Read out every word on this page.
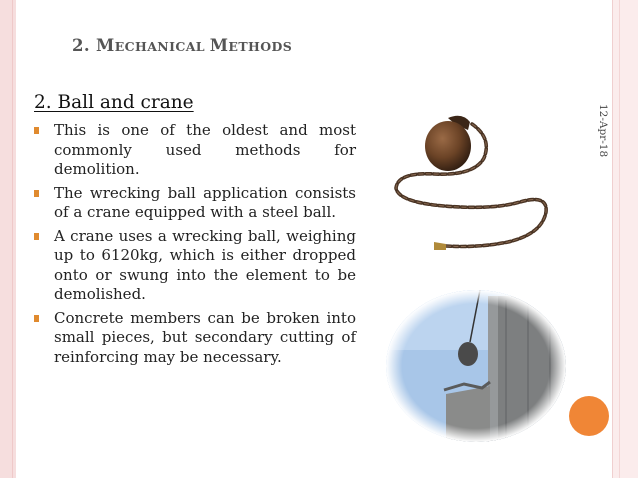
2. MECHANICAL METHODS
2. Ball and crane
12-Apr-18
This is one of the oldest and most commonly used methods for demolition.
The wrecking ball application consists of a crane equipped with a steel ball.
A crane uses a wrecking ball, weighing up to 6120kg, which is either dropped onto or swung into the element to be demolished.
Concrete members can be broken into small pieces, but secondary cutting of reinforcing may be necessary.
